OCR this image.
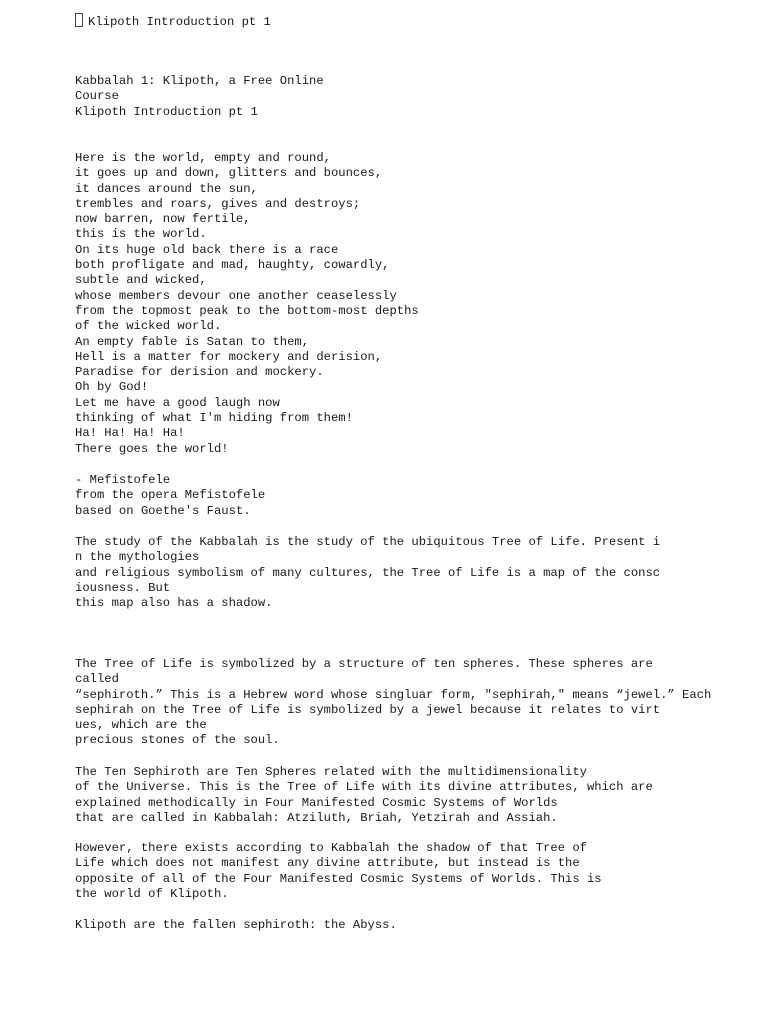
Klipoth Introduction pt 1
Kabbalah 1: Klipoth, a Free Online
Course
Klipoth Introduction pt 1
Here is the world, empty and round,
it goes up and down, glitters and bounces,
it dances around the sun,
trembles and roars, gives and destroys;
now barren, now fertile,
this is the world.
On its huge old back there is a race
both profligate and mad, haughty, cowardly,
subtle and wicked,
whose members devour one another ceaselessly
from the topmost peak to the bottom-most depths
of the wicked world.
An empty fable is Satan to them,
Hell is a matter for mockery and derision,
Paradise for derision and mockery.
Oh by God!
Let me have a good laugh now
thinking of what I'm hiding from them!
Ha! Ha! Ha! Ha!
There goes the world!
- Mefistofele
from the opera Mefistofele
based on Goethe's Faust.
The study of the Kabbalah is the study of the ubiquitous Tree of Life. Present i
n the mythologies
and religious symbolism of many cultures, the Tree of Life is a map of the consc
iousness. But
this map also has a shadow.
The Tree of Life is symbolized by a structure of ten spheres. These spheres are
called
“sephiroth.” This is a Hebrew word whose singluar form, "sephirah," means “jewel.” Each
sephirah on the Tree of Life is symbolized by a jewel because it relates to virt
ues, which are the
precious stones of the soul.
The Ten Sephiroth are Ten Spheres related with the multidimensionality
of the Universe. This is the Tree of Life with its divine attributes, which are
explained methodically in Four Manifested Cosmic Systems of Worlds
that are called in Kabbalah: Atziluth, Briah, Yetzirah and Assiah.
However, there exists according to Kabbalah the shadow of that Tree of
Life which does not manifest any divine attribute, but instead is the
opposite of all of the Four Manifested Cosmic Systems of Worlds. This is
the world of Klipoth.
Klipoth are the fallen sephiroth: the Abyss.
